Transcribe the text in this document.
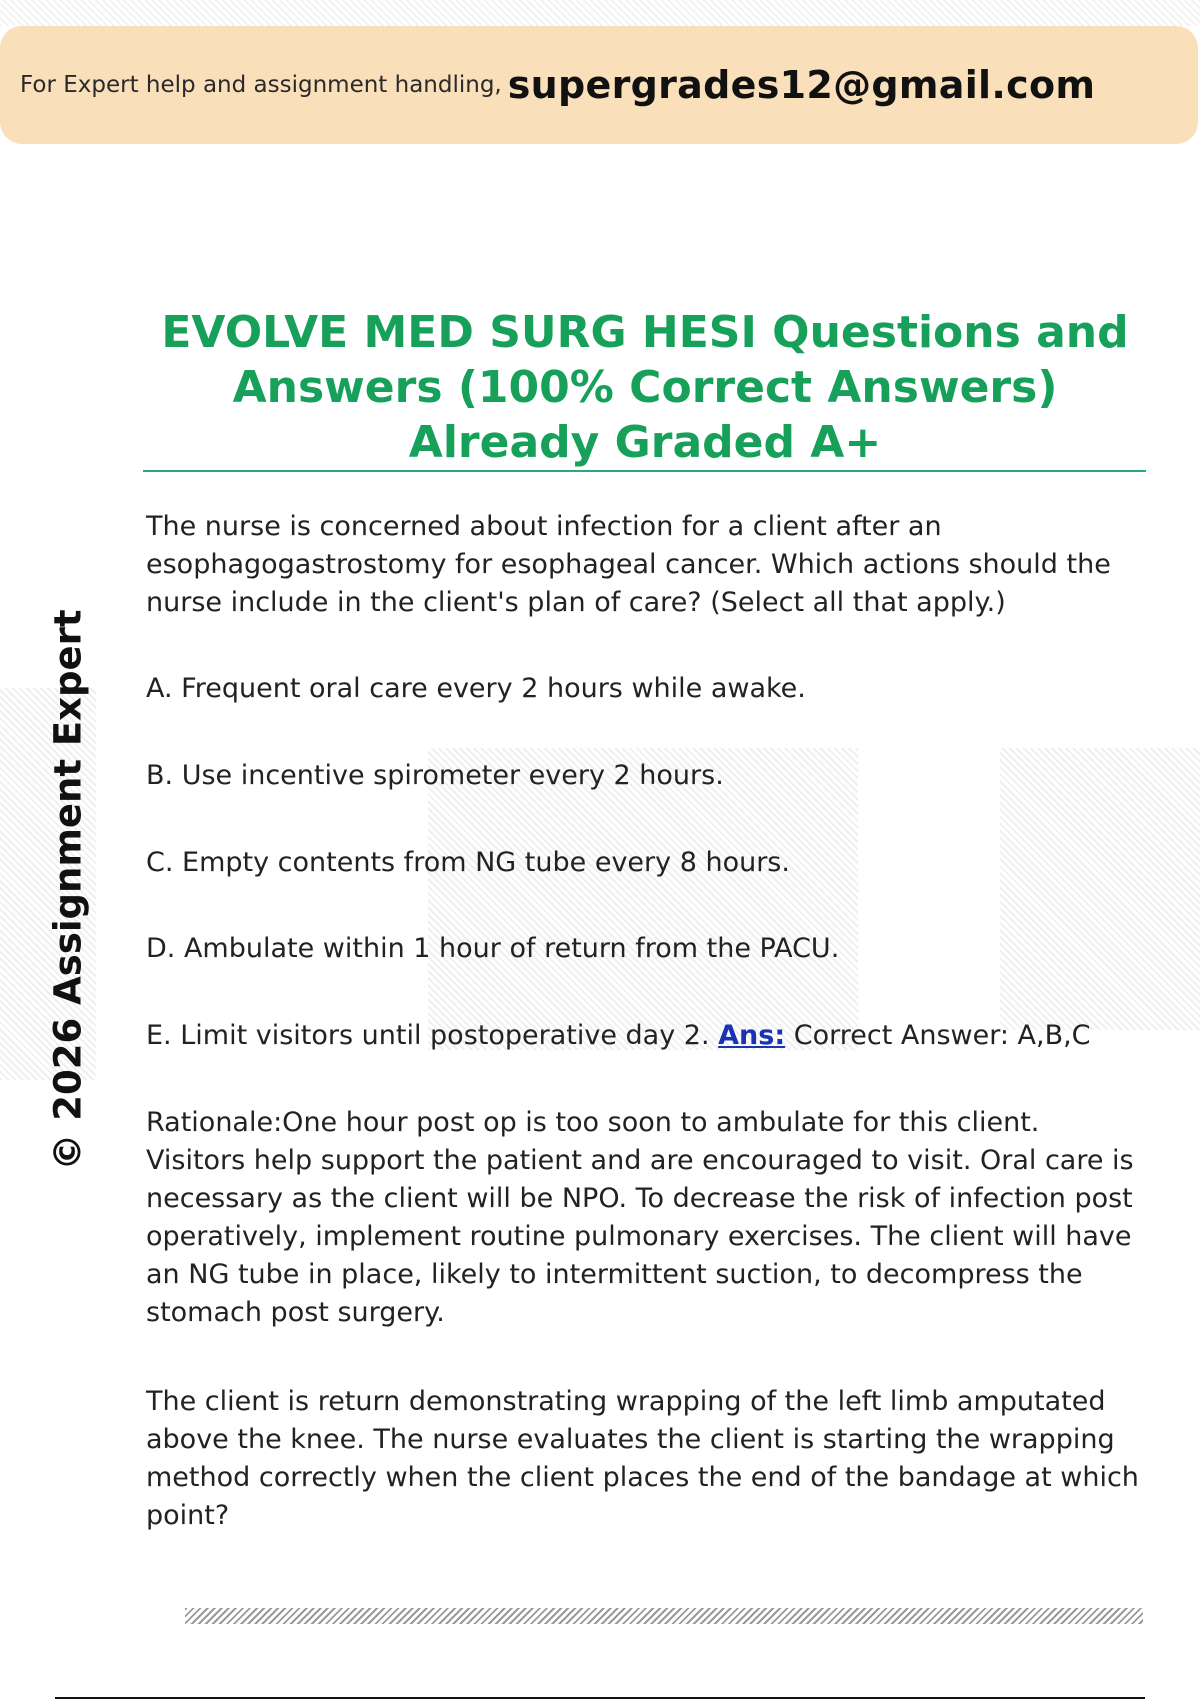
For Expert help and assignment handling, supergrades12@gmail.com
© 2026 Assignment Expert
EVOLVE MED SURG HESI Questions and Answers (100% Correct Answers) Already Graded A+
The nurse is concerned about infection for a client after an esophagogastrostomy for esophageal cancer. Which actions should the nurse include in the client's plan of care? (Select all that apply.)
A. Frequent oral care every 2 hours while awake.
B. Use incentive spirometer every 2 hours.
C. Empty contents from NG tube every 8 hours.
D. Ambulate within 1 hour of return from the PACU.
E. Limit visitors until postoperative day 2. Ans: Correct Answer: A,B,C
Rationale:One hour post op is too soon to ambulate for this client. Visitors help support the patient and are encouraged to visit. Oral care is necessary as the client will be NPO. To decrease the risk of infection post operatively, implement routine pulmonary exercises. The client will have an NG tube in place, likely to intermittent suction, to decompress the stomach post surgery.
The client is return demonstrating wrapping of the left limb amputated above the knee. The nurse evaluates the client is starting the wrapping method correctly when the client places the end of the bandage at which point?
